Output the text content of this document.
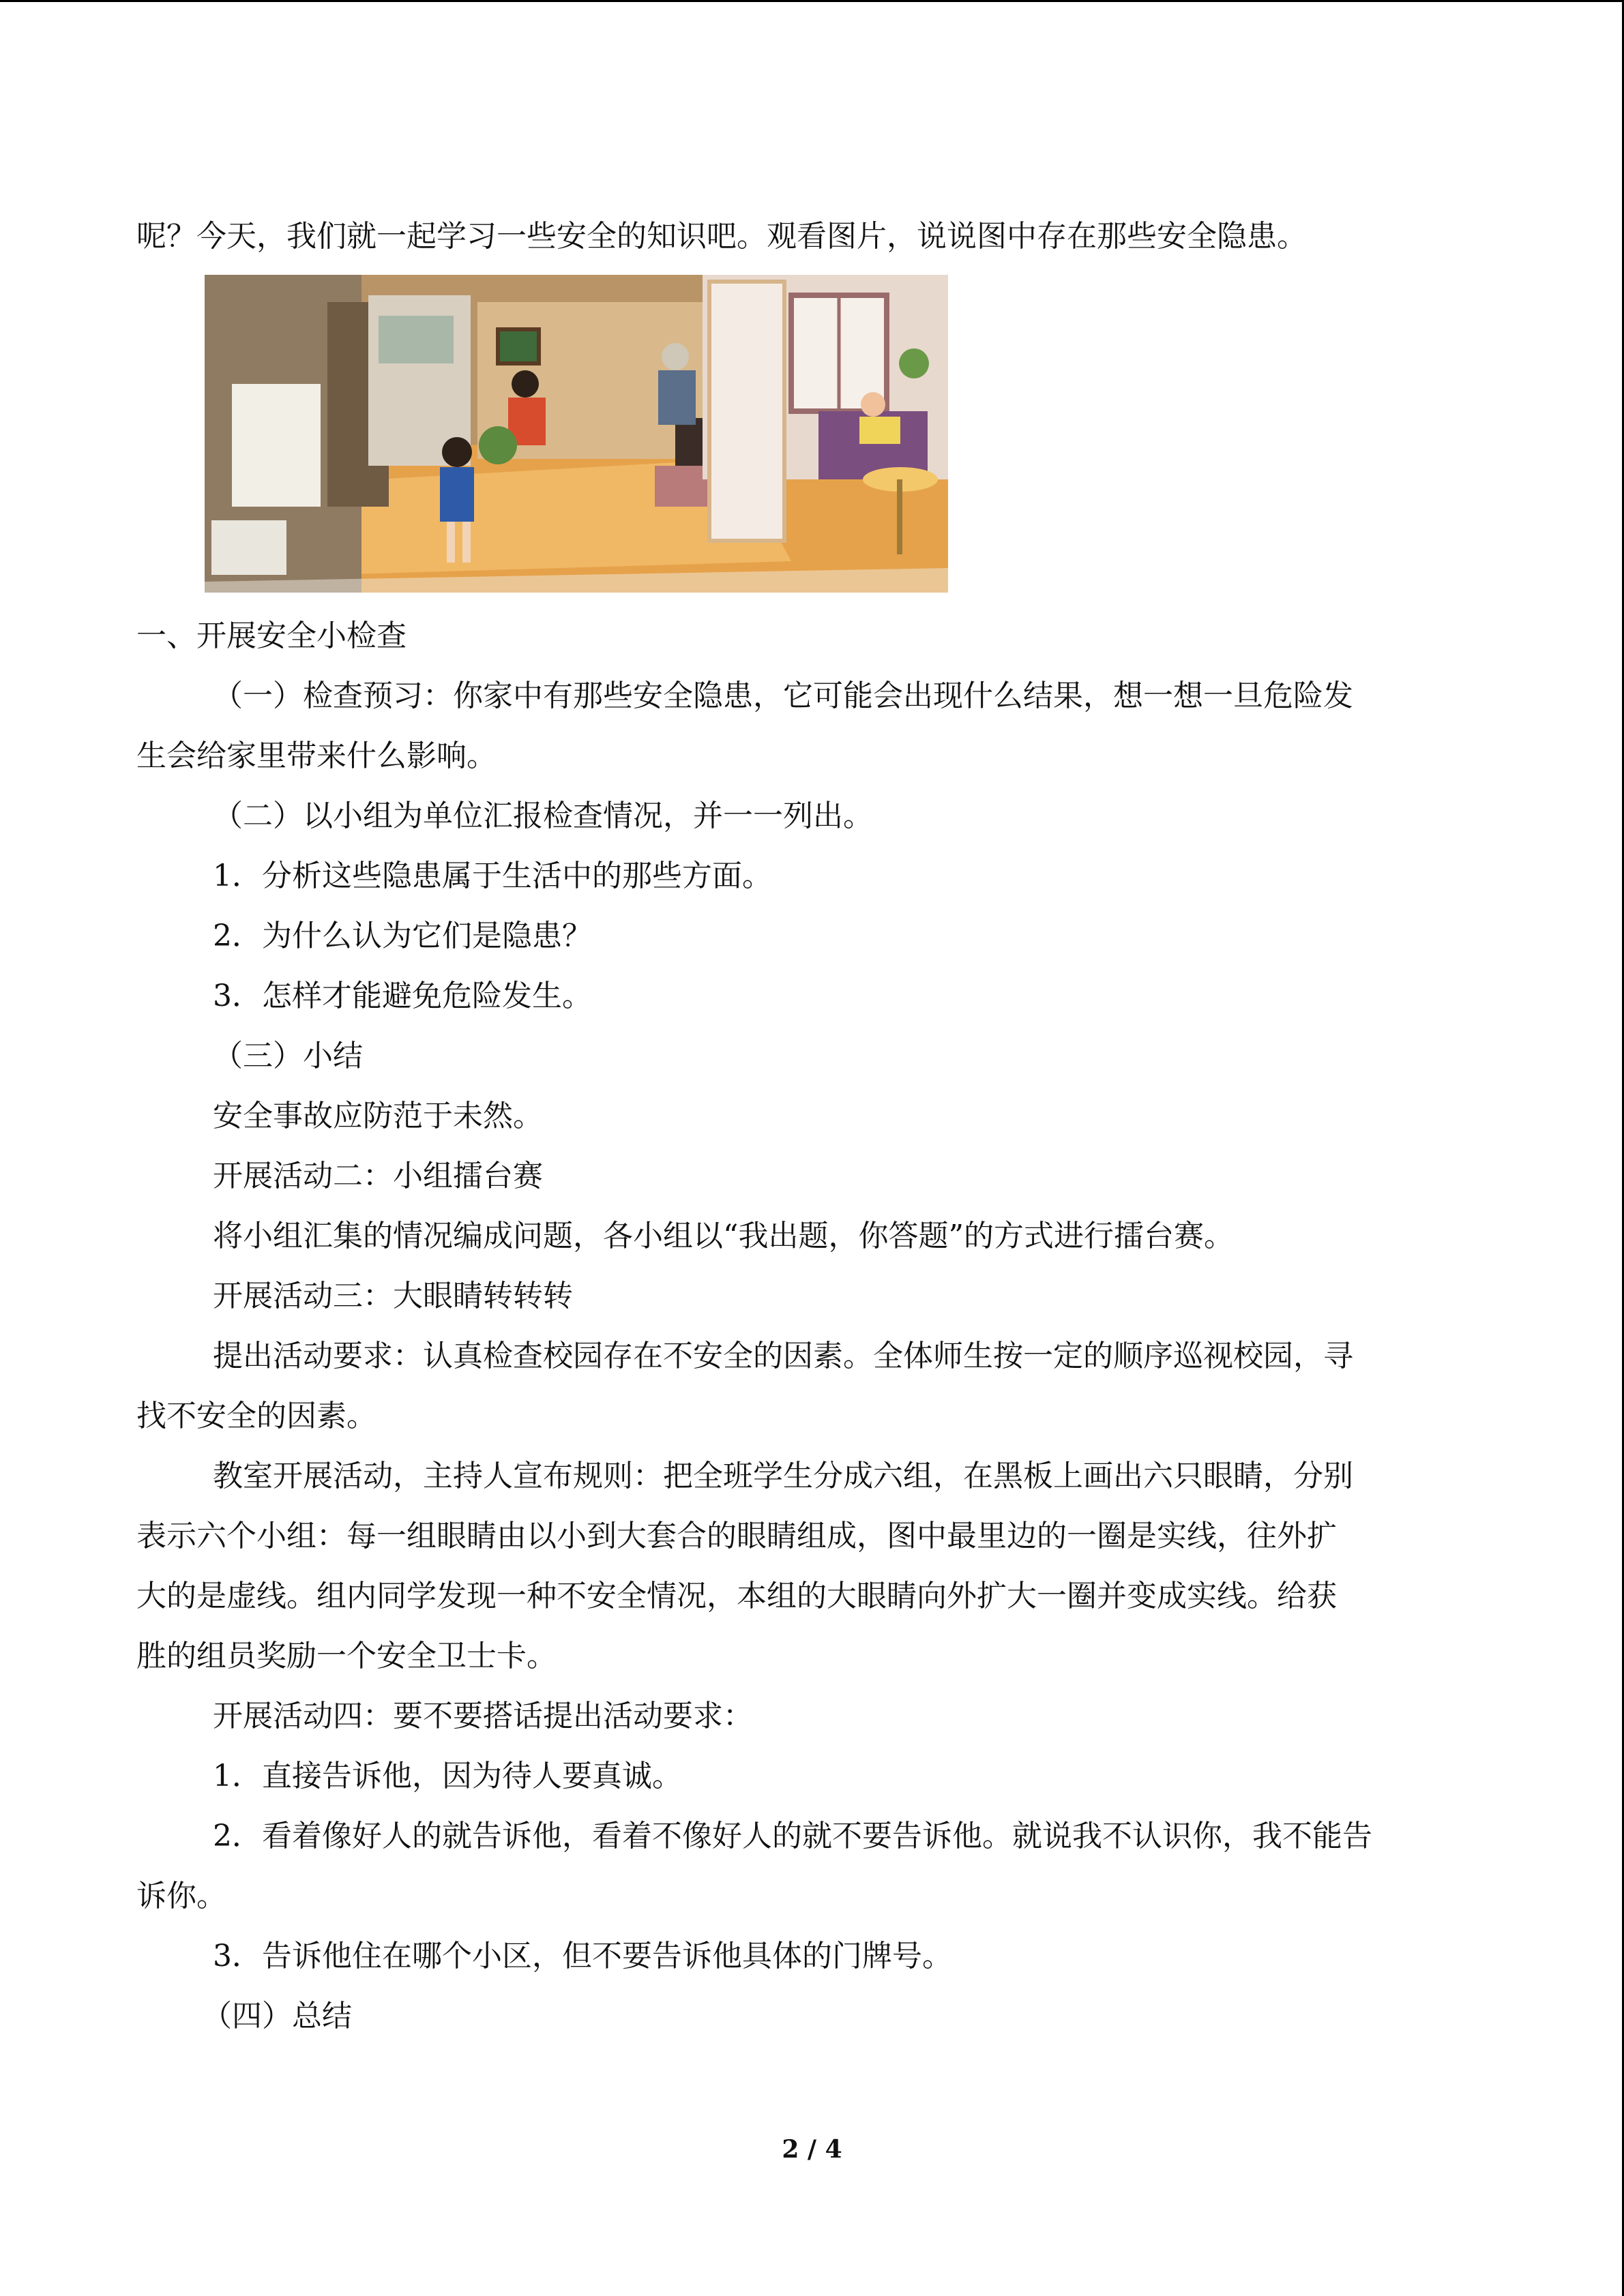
呢？今天，我们就一起学习一些安全的知识吧。观看图片，说说图中存在那些安全隐患。

一、开展安全小检查

（一）检查预习：你家中有那些安全隐患，它可能会出现什么结果，想一想一旦危险发

生会给家里带来什么影响。

（二）以小组为单位汇报检查情况，并一一列出。

1．分析这些隐患属于生活中的那些方面。

2．为什么认为它们是隐患？

3．怎样才能避免危险发生。

（三）小结

安全事故应防范于未然。

开展活动二：小组擂台赛

将小组汇集的情况编成问题，各小组以“我出题，你答题”的方式进行擂台赛。

开展活动三：大眼睛转转转

提出活动要求：认真检查校园存在不安全的因素。全体师生按一定的顺序巡视校园，寻

找不安全的因素。

教室开展活动，主持人宣布规则：把全班学生分成六组，在黑板上画出六只眼睛，分别

表示六个小组：每一组眼睛由以小到大套合的眼睛组成，图中最里边的一圈是实线，往外扩

大的是虚线。组内同学发现一种不安全情况，本组的大眼睛向外扩大一圈并变成实线。给获

胜的组员奖励一个安全卫士卡。

开展活动四：要不要搭话提出活动要求：

1．直接告诉他，因为待人要真诚。

2．看着像好人的就告诉他，看着不像好人的就不要告诉他。就说我不认识你，我不能告

诉你。

3．告诉他住在哪个小区，但不要告诉他具体的门牌号。

（四）总结

2 / 4
